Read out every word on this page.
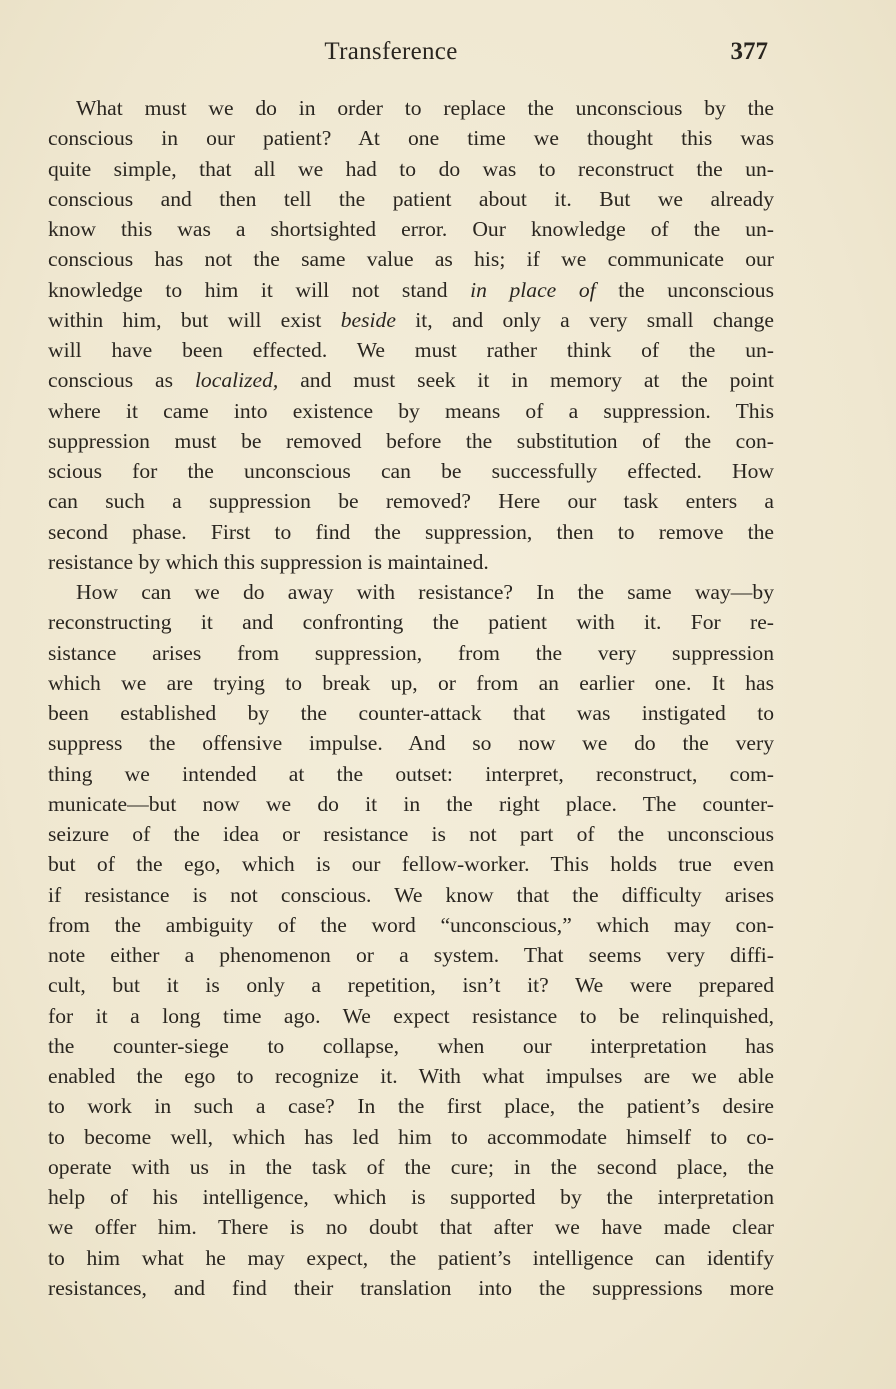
Transference	377
What must we do in order to replace the unconscious by the
conscious in our patient? At one time we thought this was
quite simple, that all we had to do was to reconstruct the un-
conscious and then tell the patient about it. But we already
know this was a shortsighted error. Our knowledge of the un-
conscious has not the same value as his; if we communicate our
knowledge to him it will not stand in place of the unconscious
within him, but will exist beside it, and only a very small change
will have been effected. We must rather think of the un-
conscious as localized, and must seek it in memory at the point
where it came into existence by means of a suppression. This
suppression must be removed before the substitution of the con-
scious for the unconscious can be successfully effected. How
can such a suppression be removed? Here our task enters a
second phase. First to find the suppression, then to remove the
resistance by which this suppression is maintained.
How can we do away with resistance? In the same way—by
reconstructing it and confronting the patient with it. For re-
sistance arises from suppression, from the very suppression
which we are trying to break up, or from an earlier one. It has
been established by the counter-attack that was instigated to
suppress the offensive impulse. And so now we do the very
thing we intended at the outset: interpret, reconstruct, com-
municate—but now we do it in the right place. The counter-
seizure of the idea or resistance is not part of the unconscious
but of the ego, which is our fellow-worker. This holds true even
if resistance is not conscious. We know that the difficulty arises
from the ambiguity of the word “unconscious,” which may con-
note either a phenomenon or a system. That seems very diffi-
cult, but it is only a repetition, isn’t it? We were prepared
for it a long time ago. We expect resistance to be relinquished,
the counter-siege to collapse, when our interpretation has
enabled the ego to recognize it. With what impulses are we able
to work in such a case? In the first place, the patient’s desire
to become well, which has led him to accommodate himself to co-
operate with us in the task of the cure; in the second place, the
help of his intelligence, which is supported by the interpretation
we offer him. There is no doubt that after we have made clear
to him what he may expect, the patient’s intelligence can identify
resistances, and find their translation into the suppressions more
